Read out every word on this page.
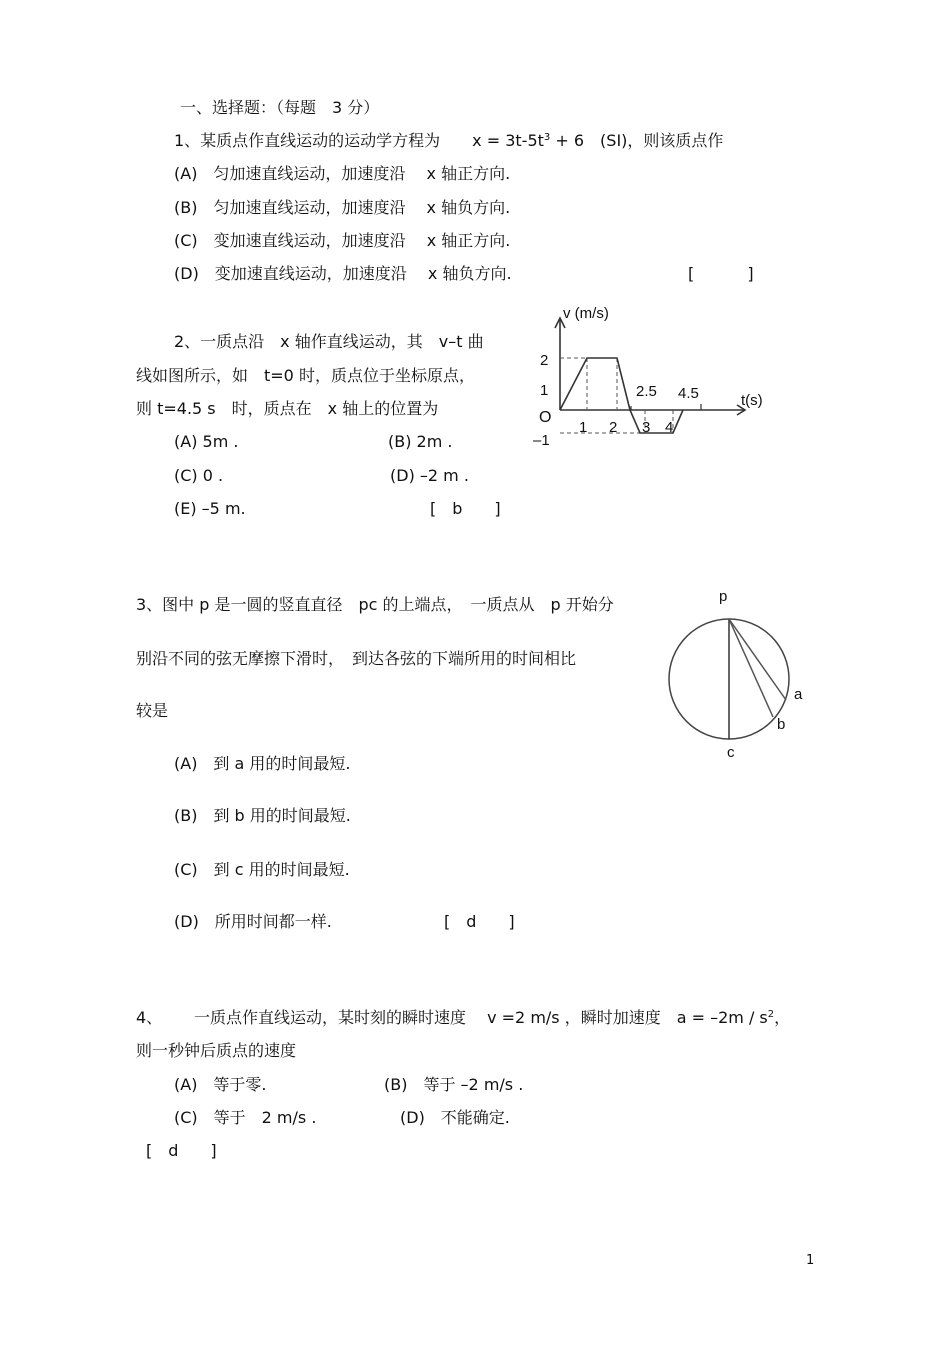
一、选择题：（每题　3 分）
1、某质点作直线运动的运动学方程为　　$x = 3t-5t^3 + 6$　(SI)，则该质点作
(A)　匀加速直线运动，加速度沿　 x 轴正方向.
(B)　匀加速直线运动，加速度沿　 x 轴负方向.
(C)　变加速直线运动，加速度沿　 x 轴正方向.
(D)　变加速直线运动，加速度沿　 x 轴负方向.	[　　　 ]
2、一质点沿　x 轴作直线运动，其　v–t 曲
线如图所示，如　t=0 时，质点位于坐标原点，
则 t=4.5 s　时，质点在　x 轴上的位置为
(A) 5m .	(B) 2m .
(C) 0 .	(D) –2 m .
(E) –5 m.	[　b　　]
v (m/s)
t(s)
O
2
1
–1
1 2 3 4
2.5 4.5
3、图中 p 是一圆的竖直直径　pc 的上端点，　一质点从　p 开始分
别沿不同的弦无摩擦下滑时，　到达各弦的下端所用的时间相比
较是
(A)　到 a 用的时间最短.
(B)　到 b 用的时间最短.
(C)　到 c 用的时间最短.
(D)　所用时间都一样.	[　d　　]
p
a
b
c
4、 一质点作直线运动，某时刻的瞬时速度　 v =2 m/s ，瞬时加速度　$a = -2m / s^2$，
则一秒钟后质点的速度
(A)　等于零.	(B)　等于 –2 m/s .
(C)　等于　2 m/s .	(D)　不能确定.
[　d　　]
1
